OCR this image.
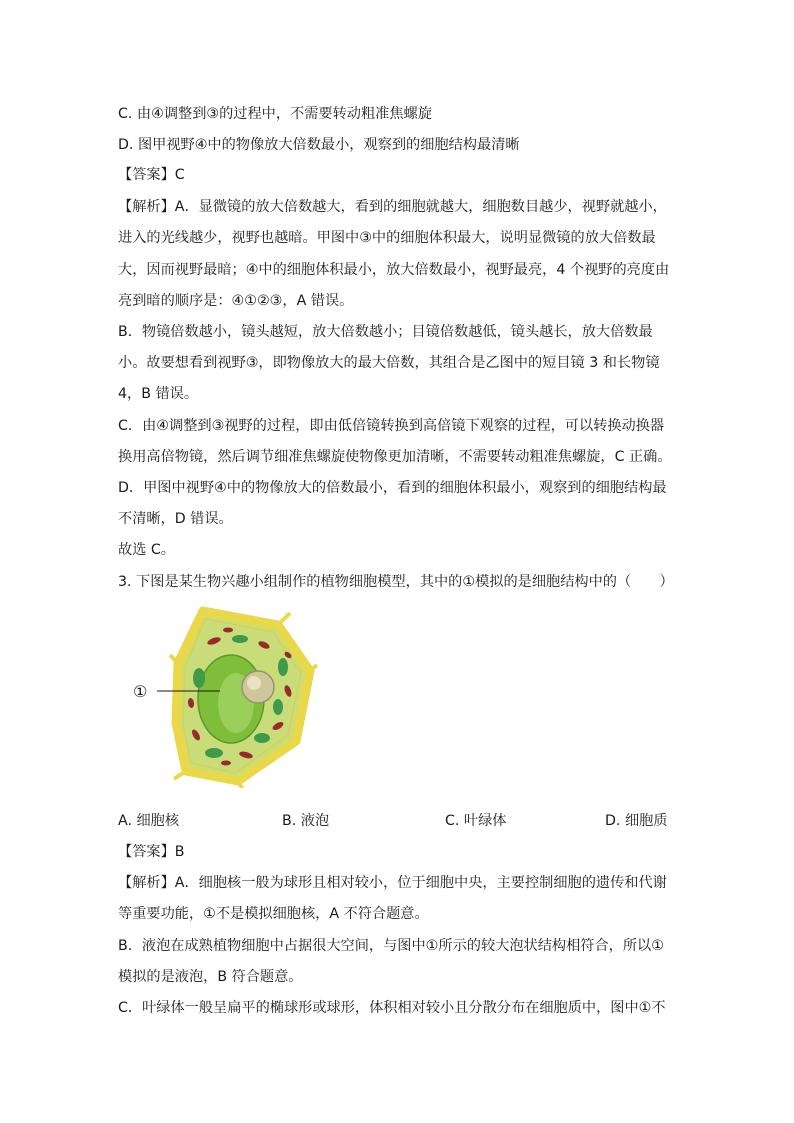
C. 由④调整到③的过程中，不需要转动粗准焦螺旋
D. 图甲视野④中的物像放大倍数最小，观察到的细胞结构最清晰
【答案】C
【解析】A．显微镜的放大倍数越大，看到的细胞就越大，细胞数目越少，视野就越小，
进入的光线越少，视野也越暗。甲图中③中的细胞体积最大，说明显微镜的放大倍数最
大，因而视野最暗；④中的细胞体积最小，放大倍数最小，视野最亮，4 个视野的亮度由
亮到暗的顺序是：④①②③，A 错误。
B．物镜倍数越小，镜头越短，放大倍数越小；目镜倍数越低，镜头越长，放大倍数最
小。故要想看到视野③，即物像放大的最大倍数，其组合是乙图中的短目镜 3 和长物镜
4，B 错误。
C．由④调整到③视野的过程，即由低倍镜转换到高倍镜下观察的过程，可以转换动换器
换用高倍物镜，然后调节细准焦螺旋使物像更加清晰，不需要转动粗准焦螺旋，C 正确。
D．甲图中视野④中的物像放大的倍数最小，看到的细胞体积最小，观察到的细胞结构最
不清晰，D 错误。
故选 C。
3. 下图是某生物兴趣小组制作的植物细胞模型，其中的①模拟的是细胞结构中的（　　）
①
A. 细胞核	B. 液泡	C. 叶绿体	D. 细胞质
【答案】B
【解析】A．细胞核一般为球形且相对较小，位于细胞中央，主要控制细胞的遗传和代谢
等重要功能，①不是模拟细胞核，A 不符合题意。
B．液泡在成熟植物细胞中占据很大空间，与图中①所示的较大泡状结构相符合，所以①
模拟的是液泡，B 符合题意。
C．叶绿体一般呈扁平的椭球形或球形，体积相对较小且分散分布在细胞质中，图中①不
